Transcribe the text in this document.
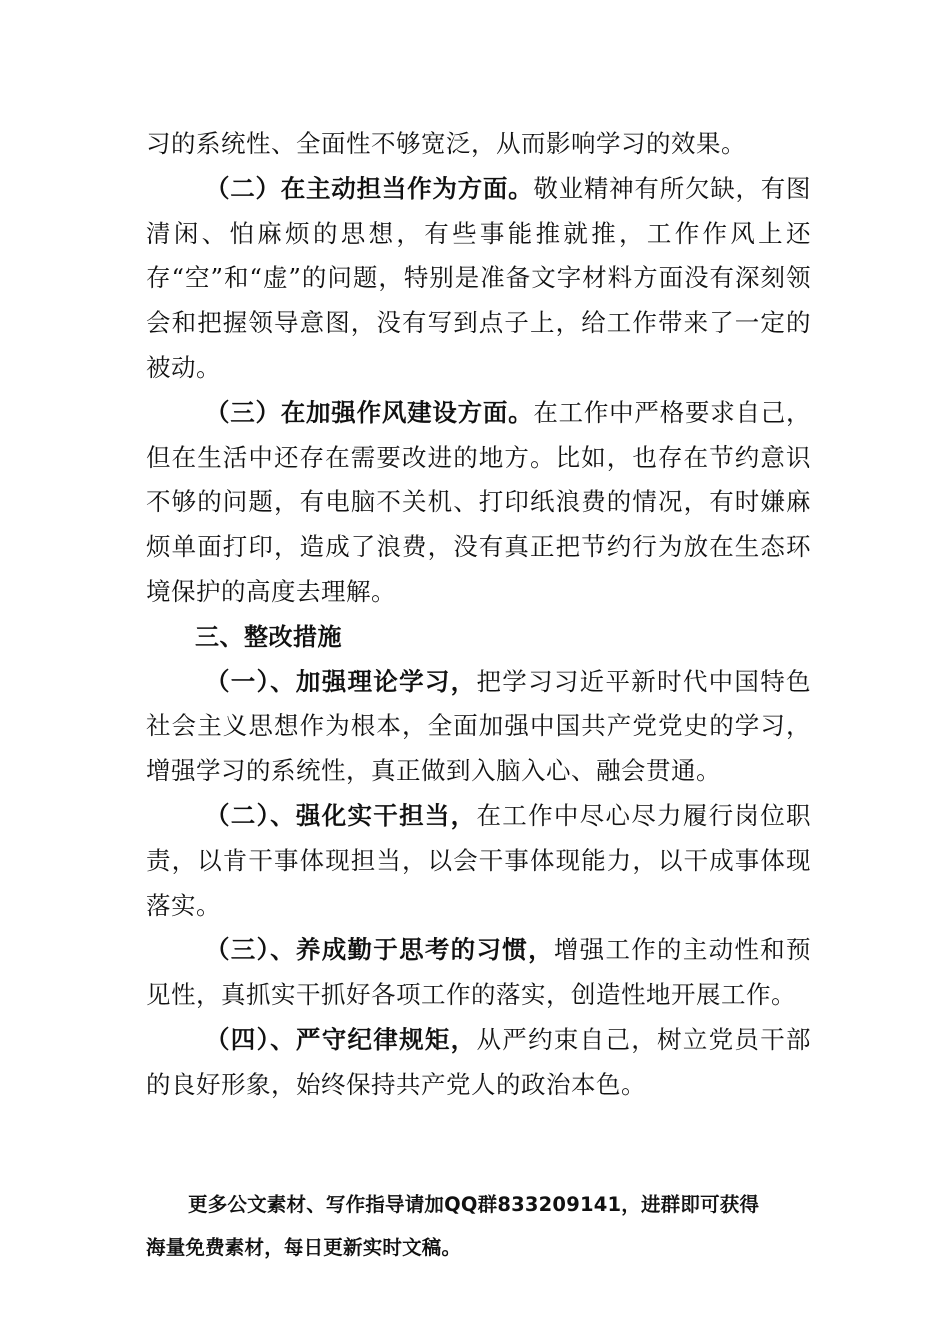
习的系统性、全面性不够宽泛，从而影响学习的效果。

（二）在主动担当作为方面。敬业精神有所欠缺，有图清闲、怕麻烦的思想，有些事能推就推，工作作风上还存“空”和“虚”的问题，特别是准备文字材料方面没有深刻领会和把握领导意图，没有写到点子上，给工作带来了一定的被动。

（三）在加强作风建设方面。在工作中严格要求自己，但在生活中还存在需要改进的地方。比如，也存在节约意识不够的问题，有电脑不关机、打印纸浪费的情况，有时嫌麻烦单面打印，造成了浪费，没有真正把节约行为放在生态环境保护的高度去理解。

三、整改措施

（一）、加强理论学习，把学习习近平新时代中国特色社会主义思想作为根本，全面加强中国共产党党史的学习，增强学习的系统性，真正做到入脑入心、融会贯通。

（二）、强化实干担当，在工作中尽心尽力履行岗位职责，以肯干事体现担当，以会干事体现能力，以干成事体现落实。

（三）、养成勤于思考的习惯，增强工作的主动性和预见性，真抓实干抓好各项工作的落实，创造性地开展工作。

（四）、严守纪律规矩，从严约束自己，树立党员干部的良好形象，始终保持共产党人的政治本色。

更多公文素材、写作指导请加QQ群833209141，进群即可获得

海量免费素材，每日更新实时文稿。
